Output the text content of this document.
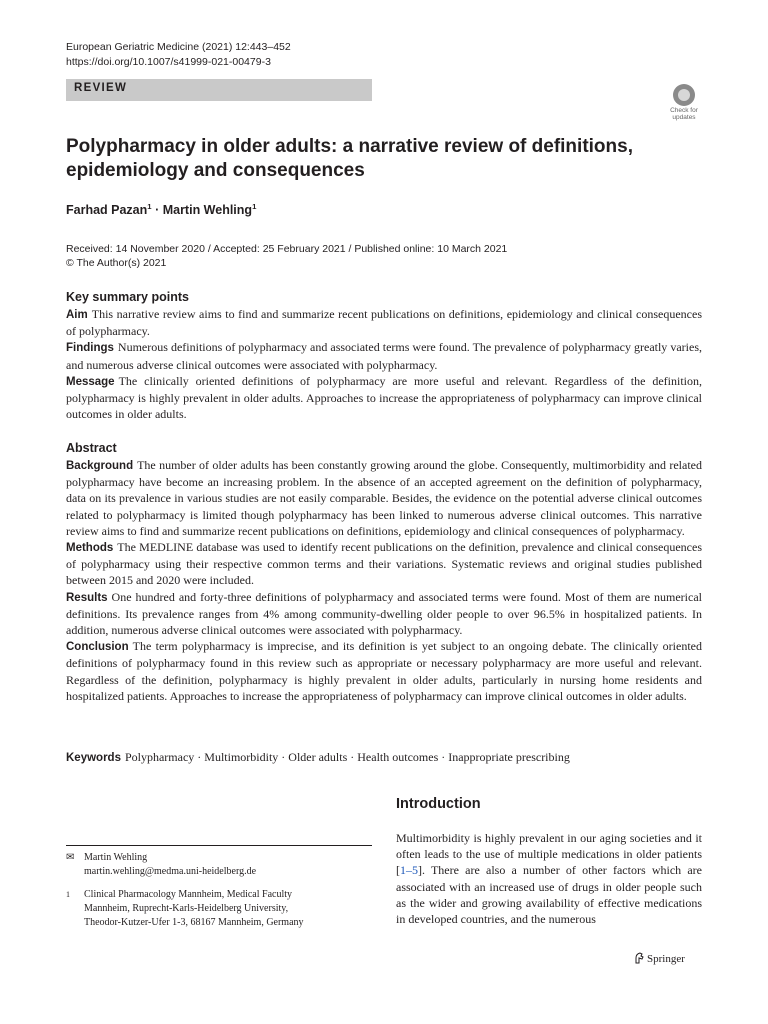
European Geriatric Medicine (2021) 12:443–452
https://doi.org/10.1007/s41999-021-00479-3
REVIEW
Check for
updates
Polypharmacy in older adults: a narrative review of definitions, epidemiology and consequences
Farhad Pazan$^1$ · Martin Wehling$^1$
Received: 14 November 2020 / Accepted: 25 February 2021 / Published online: 10 March 2021
© The Author(s) 2021
Key summary points

Aim This narrative review aims to find and summarize recent publications on definitions, epidemiology and clinical consequences of polypharmacy.

Findings Numerous definitions of polypharmacy and associated terms were found. The prevalence of polypharmacy greatly varies, and numerous adverse clinical outcomes were associated with polypharmacy.

Message The clinically oriented definitions of polypharmacy are more useful and relevant. Regardless of the definition, polypharmacy is highly prevalent in older adults. Approaches to increase the appropriateness of polypharmacy can improve clinical outcomes in older adults.

Abstract

Background The number of older adults has been constantly growing around the globe. Consequently, multimorbidity and related polypharmacy have become an increasing problem. In the absence of an accepted agreement on the definition of polypharmacy, data on its prevalence in various studies are not easily comparable. Besides, the evidence on the potential adverse clinical outcomes related to polypharmacy is limited though polypharmacy has been linked to numerous adverse clinical outcomes. This narrative review aims to find and summarize recent publications on definitions, epidemiology and clinical consequences of polypharmacy.

Methods The MEDLINE database was used to identify recent publications on the definition, prevalence and clinical consequences of polypharmacy using their respective common terms and their variations. Systematic reviews and original studies published between 2015 and 2020 were included.

Results One hundred and forty-three definitions of polypharmacy and associated terms were found. Most of them are numerical definitions. Its prevalence ranges from 4% among community-dwelling older people to over 96.5% in hospitalized patients. In addition, numerous adverse clinical outcomes were associated with polypharmacy.

Conclusion The term polypharmacy is imprecise, and its definition is yet subject to an ongoing debate. The clinically oriented definitions of polypharmacy found in this review such as appropriate or necessary polypharmacy are more useful and relevant. Regardless of the definition, polypharmacy is highly prevalent in older adults, particularly in nursing home residents and hospitalized patients. Approaches to increase the appropriateness of polypharmacy can improve clinical outcomes in older adults.

Keywords Polypharmacy · Multimorbidity · Older adults · Health outcomes · Inappropriate prescribing
Introduction

Multimorbidity is highly prevalent in our aging societies and it often leads to the use of multiple medications in older patients [1–5]. There are also a number of other factors which are associated with an increased use of drugs in older people such as the wider and growing availability of effective medications in developed countries, and the numerous

✉ Martin Wehling
martin.wehling@medma.uni-heidelberg.de
1	Clinical Pharmacology Mannheim, Medical Faculty
Mannheim, Ruprecht-Karls-Heidelberg University,
Theodor-Kutzer-Ufer 1-3, 68167 Mannheim, Germany
Springer
